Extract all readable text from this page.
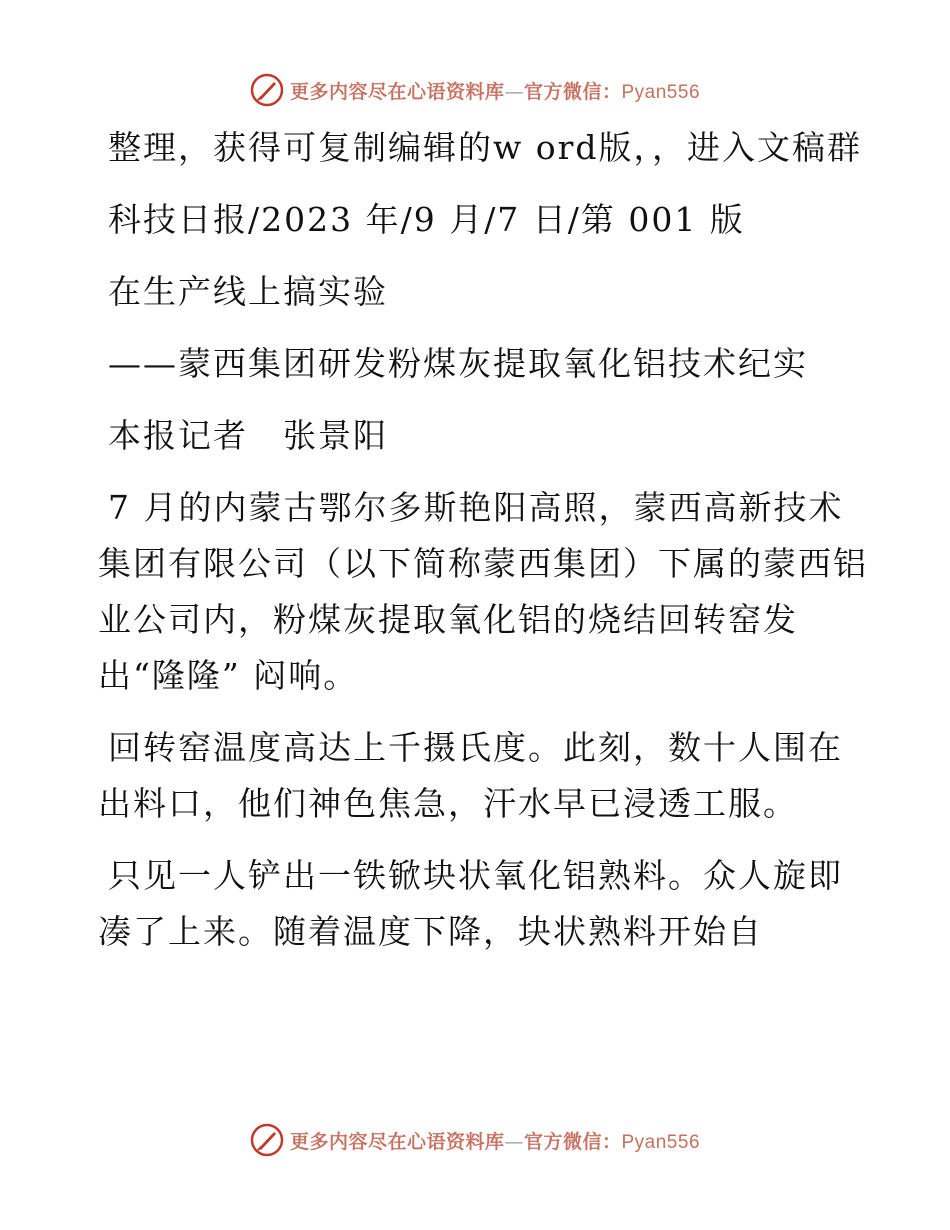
更多内容尽在心语资料库—官方微信：Pyan556

整理，获得可复制编辑的w ord版，，进入文稿群

科技日报/2023 年/9 月/7 日/第 001 版

在生产线上搞实验

——蒙西集团研发粉煤灰提取氧化铝技术纪实

本报记者　张景阳

7 月的内蒙古鄂尔多斯艳阳高照，蒙西高新技术集团有限公司（以下简称蒙西集团）下属的蒙西铝业公司内，粉煤灰提取氧化铝的烧结回转窑发出“隆隆” 闷响。

回转窑温度高达上千摄氏度。此刻，数十人围在出料口，他们神色焦急，汗水早已浸透工服。

只见一人铲出一铁锨块状氧化铝熟料。众人旋即凑了上来。随着温度下降，块状熟料开始自

更多内容尽在心语资料库—官方微信：Pyan556
